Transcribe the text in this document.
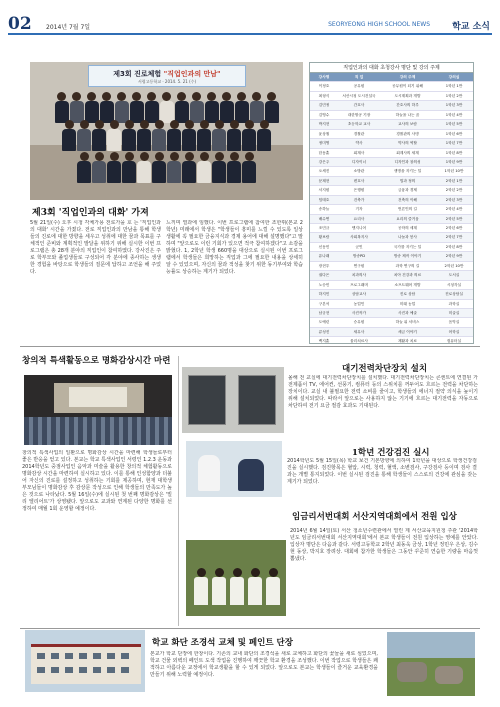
02 2014년 7월 7일	SEORYEONG HIGH SCHOOL NEWS 학교 소식
제3회 진로체험 "직업인과의 만남"
서령고등학교 · 2014. 5. 21 (수)
제3회 '직업인과의 대화' 가져
5월 21일(수) 오후 시청 각체가용 전로가을 호 는 '직업인과의 대화' 시간을 가졌다. 전로 직업인과의 만남을 통해 학생들의 진로에 대한 방향을 세우고 성취에 대한 꿈과 목표를 구체적인 준비와 계획적인 발달을 위하기 위해 실시한 이번 프로그램은 총 28개 분야의 직업인이 참여하였다. 강사진은 주로 학부모와 졸업생들로 구성되어 각 분야에 종사하는 생생한 경험을 바탕으로 학생들의 질문에 답하고 조언을 해 주었다.
느끼며 열과에 임했다. 이번 프로그램에 참여한 조한휘(본교 2학년) 미래에서 학생은 "학생들이 흥미를 느낄 수 있도록 일상생활에 꼭 필요한 금융지식과 경제 용어에 대해 설명했다"고 말하며 "앞으로도 이런 기회가 있으면 적극 참여하겠다"고 소감을 밝혔다. 1, 2학년 학생 660명을 대상으로 실시된 이번 프로그램에서 학생들은 희망하는 직업과 그에 필요한 내용을 상세히 알 수 있었으며, 자신의 꿈과 적성을 찾기 위한 동기부여와 학습능률도 상승하는 계기가 되었다.
직업인과의 대화 초청강사 명단 및 강의 주제
강사명	직 업	강의 주제	강의실
이정호	공무원	공무원이 되기 위해	1학년 1반
최형식	서산시청 도시건설국	도시계획과 개발	1학년 2반
김민정	간호사	간호사의 하루	1학년 3반
김영수	대한항공 기장	하늘을 나는 꿈	1학년 4반
박지현	초등학교 교사	교사의 보람	1학년 5반
윤상철	경찰관	경찰관의 사명	1학년 6반
정미영	약사	약사의 역할	1학년 7반
한동훈	회계사	회계사의 세계	1학년 8반
강은주	디자이너	디자인과 창의성	1학년 9반
오세진	소방관	생명을 지키는 일	1학년 10반
문재현	변호사	법과 정의	2학년 1반
서지원	은행원	금융과 경제	2학년 2반
임태호	건축가	건축의 이해	2학년 3반
송하늘	기자	언론인의 길	2학년 4반
배수연	요리사	요리의 즐거움	2학년 5반
조민규	엔지니어	공학의 세계	2학년 6반
황보람	사회복지사	나눔과 봉사	2학년 7반
신동민	군인	국가를 지키는 일	2학년 8반
유나래	방송PD	방송 제작 이야기	2학년 9반
장현우	연구원	과학 연구의 길	2학년 10반
권다은	치과의사	치아 건강과 의료	도서실
노승민	프로그래머	소프트웨어 개발	시청각실
하지민	상담교사	진로 상담	진로상담실
구본석	농업인	미래 농업	과학실
남궁현	사진작가	사진과 예술	미술실
도예린	승무원	하늘 위 서비스	음악실
류성진	세무사	세금 이야기	어학실
백지훈	물리치료사	재활과 치료	컴퓨터실
창의적 특색활동으로 명화감상시간 마련
창의적 특색사업의 일환으로 명화감상 시간을 마련해 학생들로부터 좋은 반응을 얻고 있다. 본교는 학교 특색사업인 서령인 1.2.3 운동과 2014학년도 중점사업인 음악과 미술을 활용한 창의적 체험활동으로 명화감상 시간을 마련하여 실시하고 있다. 이를 통해 인성함양과 더불어 자신의 진로를 설정하고 성취하는 기회를 제공하며, 현재 대학생 부모님들이 명화감상 후 감상문 작성으로 인해 학생들의 만족도가 높은 것으로 나타났다. 5월 16일(수)에 실시된 첫 번째 명화감상은 '빌리 엘리어트'가 상영됐다. 앞으로도 교과와 연계된 다양한 명화를 선정하여 매월 1회 운영할 예정이다.
대기전력차단장치 설치
올해 전 교실에 대기전력차단장치를 설치했다. 대기전력차단장치는 콘센트에 연결된 가전제품이 TV, 에어컨, 선풍기, 컴퓨터 등의 스위치를 꺼두어도 흐르는 전력을 차단하는 장치이다. 교실 내 불필요한 전력 소비를 줄이고, 학생들의 에너지 절약 의식을 높이기 위해 설치되었다. 따라서 앞으로는 사용하지 않는 기기에 흐르는 대기전력을 자동으로 차단하여 전기 요금 절감 효과도 기대된다.
1학년 건강검진 실시
2014학년도 5월 15일(목) 학교 보건 기본방향에 의하여 1학년을 대상으로 학생건강검진을 실시했다. 검진항목은 혈압, 시력, 청력, 혈액, 소변검사, 구강검사 등이며 검사 결과는 개별 통지되었다. 이번 실시된 검진을 통해 학생들이 스스로의 건강에 관심을 갖는 계기가 되었다.
임금리서번대회 서산지역대회에서 전원 입상
2014년 6월 14일(토) 서산 청소년수련관에서 열린 제 서산교육지원청 주관 '2014학년도 임금리서번대회 서산지역대회'에서 본교 학생들이 전원 입상하는 영예를 안았다. 입상자 명단은 다음과 같다. 서령고등학교 2학년 최동욱 금상, 1학년 정민우 은상, 김수현 동상, 박지호 장려상. 대회에 참가한 학생들은 그동안 꾸준히 연습한 기량을 마음껏 뽐냈다.
학교 화단 조경석 교체 및 페인트 단장
본교가 학교 단장에 한창이다. 기존의 교내 화단의 조경석을 새로 교체하고 화단의 꽃들을 새로 심었으며, 학교 건물 외벽의 페인트 도색 작업을 진행하여 깨끗한 학교 환경을 조성했다. 이번 작업으로 학생들은 쾌적하고 아름다운 교정에서 학교생활을 할 수 있게 되었다. 앞으로도 본교는 학생들이 즐거운 교육환경을 만들기 위해 노력할 예정이다.
